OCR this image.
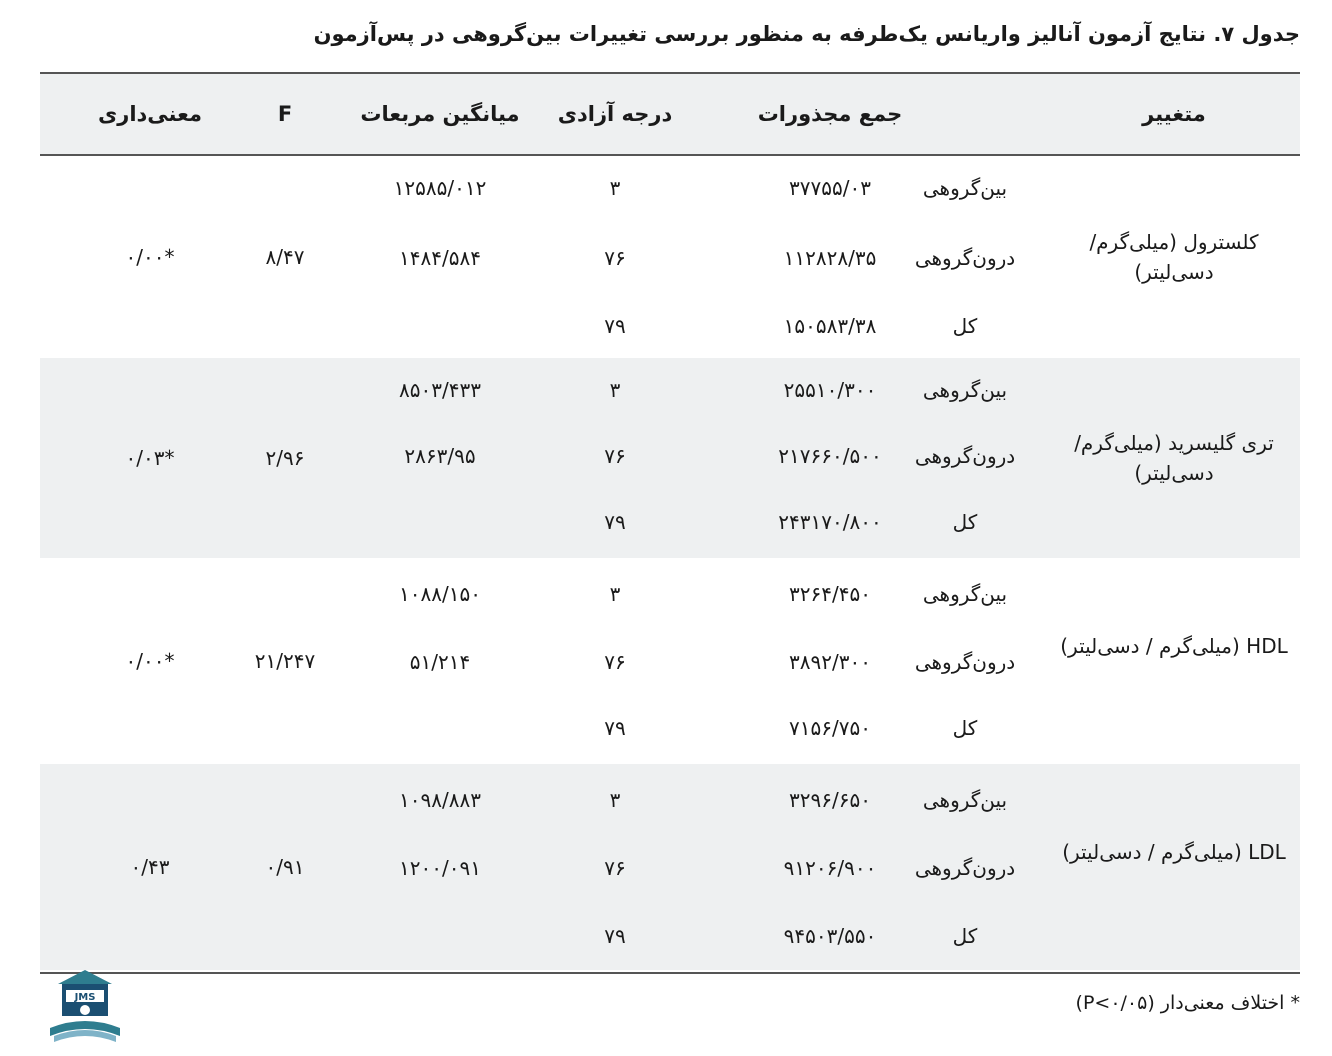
جدول ۷. نتایج آزمون آنالیز واریانس یک‌طرفه به منظور بررسی تغییرات بین‌گروهی در پس‌آزمون
متغییر
جمع مجذورات
درجه آزادی
میانگین مربعات
F
معنی‌داری
کلسترول (میلی‌گرم/ دسی‌لیتر)
بین‌گروهی
۳۷۷۵۵/۰۳
۳
۱۲۵۸۵/۰۱۲
درون‌گروهی
۱۱۲۸۲۸/۳۵
۷۶
۱۴۸۴/۵۸۴
کل
۱۵۰۵۸۳/۳۸
۷۹
۸/۴۷
۰/۰۰*
تری گلیسرید (میلی‌گرم/ دسی‌لیتر)
بین‌گروهی
۲۵۵۱۰/۳۰۰
۳
۸۵۰۳/۴۳۳
درون‌گروهی
۲۱۷۶۶۰/۵۰۰
۷۶
۲۸۶۳/۹۵
کل
۲۴۳۱۷۰/۸۰۰
۷۹
۲/۹۶
۰/۰۳*
HDL (میلی‌گرم / دسی‌لیتر)
بین‌گروهی
۳۲۶۴/۴۵۰
۳
۱۰۸۸/۱۵۰
درون‌گروهی
۳۸۹۲/۳۰۰
۷۶
۵۱/۲۱۴
کل
۷۱۵۶/۷۵۰
۷۹
۲۱/۲۴۷
۰/۰۰*
LDL (میلی‌گرم / دسی‌لیتر)
بین‌گروهی
۳۲۹۶/۶۵۰
۳
۱۰۹۸/۸۸۳
درون‌گروهی
۹۱۲۰۶/۹۰۰
۷۶
۱۲۰۰/۰۹۱
کل
۹۴۵۰۳/۵۵۰
۷۹
۰/۹۱
۰/۴۳
* اختلاف معنی‌دار (P<۰/۰۵)
JMS
